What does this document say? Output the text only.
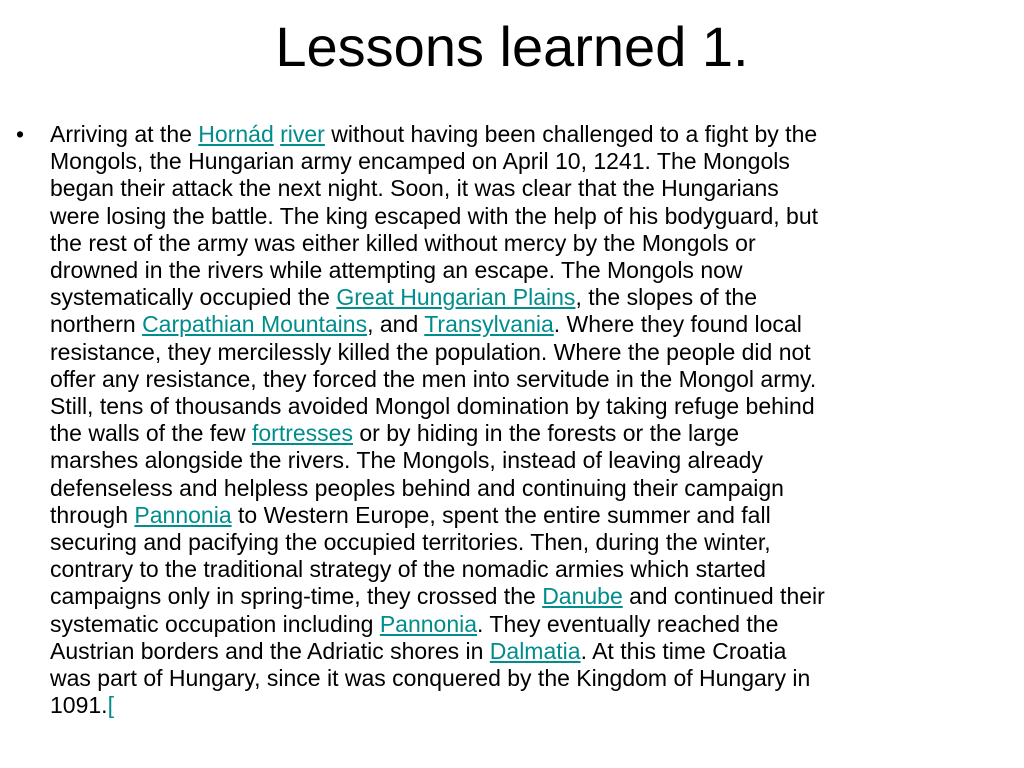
Lessons learned 1.
• Arriving at the Hornád river without having been challenged to a fight by the
Mongols, the Hungarian army encamped on April 10, 1241. The Mongols
began their attack the next night. Soon, it was clear that the Hungarians
were losing the battle. The king escaped with the help of his bodyguard, but
the rest of the army was either killed without mercy by the Mongols or
drowned in the rivers while attempting an escape. The Mongols now
systematically occupied the Great Hungarian Plains, the slopes of the
northern Carpathian Mountains, and Transylvania. Where they found local
resistance, they mercilessly killed the population. Where the people did not
offer any resistance, they forced the men into servitude in the Mongol army.
Still, tens of thousands avoided Mongol domination by taking refuge behind
the walls of the few fortresses or by hiding in the forests or the large
marshes alongside the rivers. The Mongols, instead of leaving already
defenseless and helpless peoples behind and continuing their campaign
through Pannonia to Western Europe, spent the entire summer and fall
securing and pacifying the occupied territories. Then, during the winter,
contrary to the traditional strategy of the nomadic armies which started
campaigns only in spring-time, they crossed the Danube and continued their
systematic occupation including Pannonia. They eventually reached the
Austrian borders and the Adriatic shores in Dalmatia. At this time Croatia
was part of Hungary, since it was conquered by the Kingdom of Hungary in
1091.[
